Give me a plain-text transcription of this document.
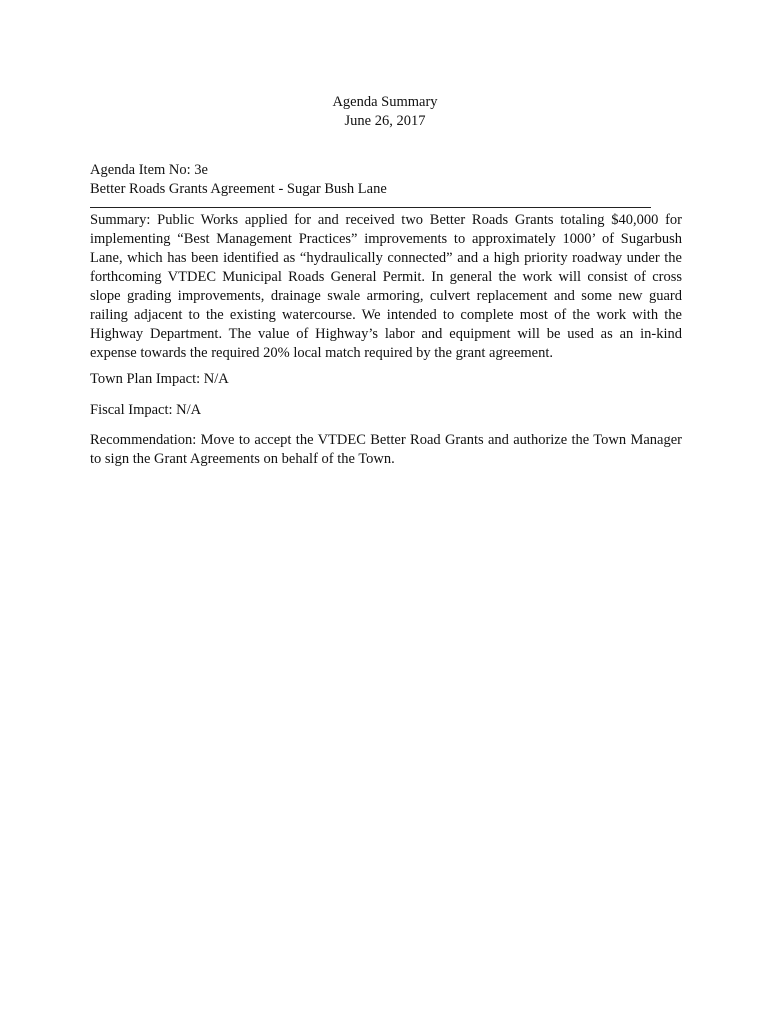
Agenda Summary
June 26, 2017
Agenda Item No: 3e
Better Roads Grants Agreement - Sugar Bush Lane

Summary: Public Works applied for and received two Better Roads Grants totaling $40,000 for implementing “Best Management Practices” improvements to approximately 1000’ of Sugarbush Lane, which has been identified as “hydraulically connected” and a high priority roadway under the forthcoming VTDEC Municipal Roads General Permit. In general the work will consist of cross slope grading improvements, drainage swale armoring, culvert replacement and some new guard railing adjacent to the existing watercourse. We intended to complete most of the work with the Highway Department. The value of Highway’s labor and equipment will be used as an in-kind expense towards the required 20% local match required by the grant agreement.

Town Plan Impact: N/A

Fiscal Impact: N/A

Recommendation: Move to accept the VTDEC Better Road Grants and authorize the Town Manager to sign the Grant Agreements on behalf of the Town.
